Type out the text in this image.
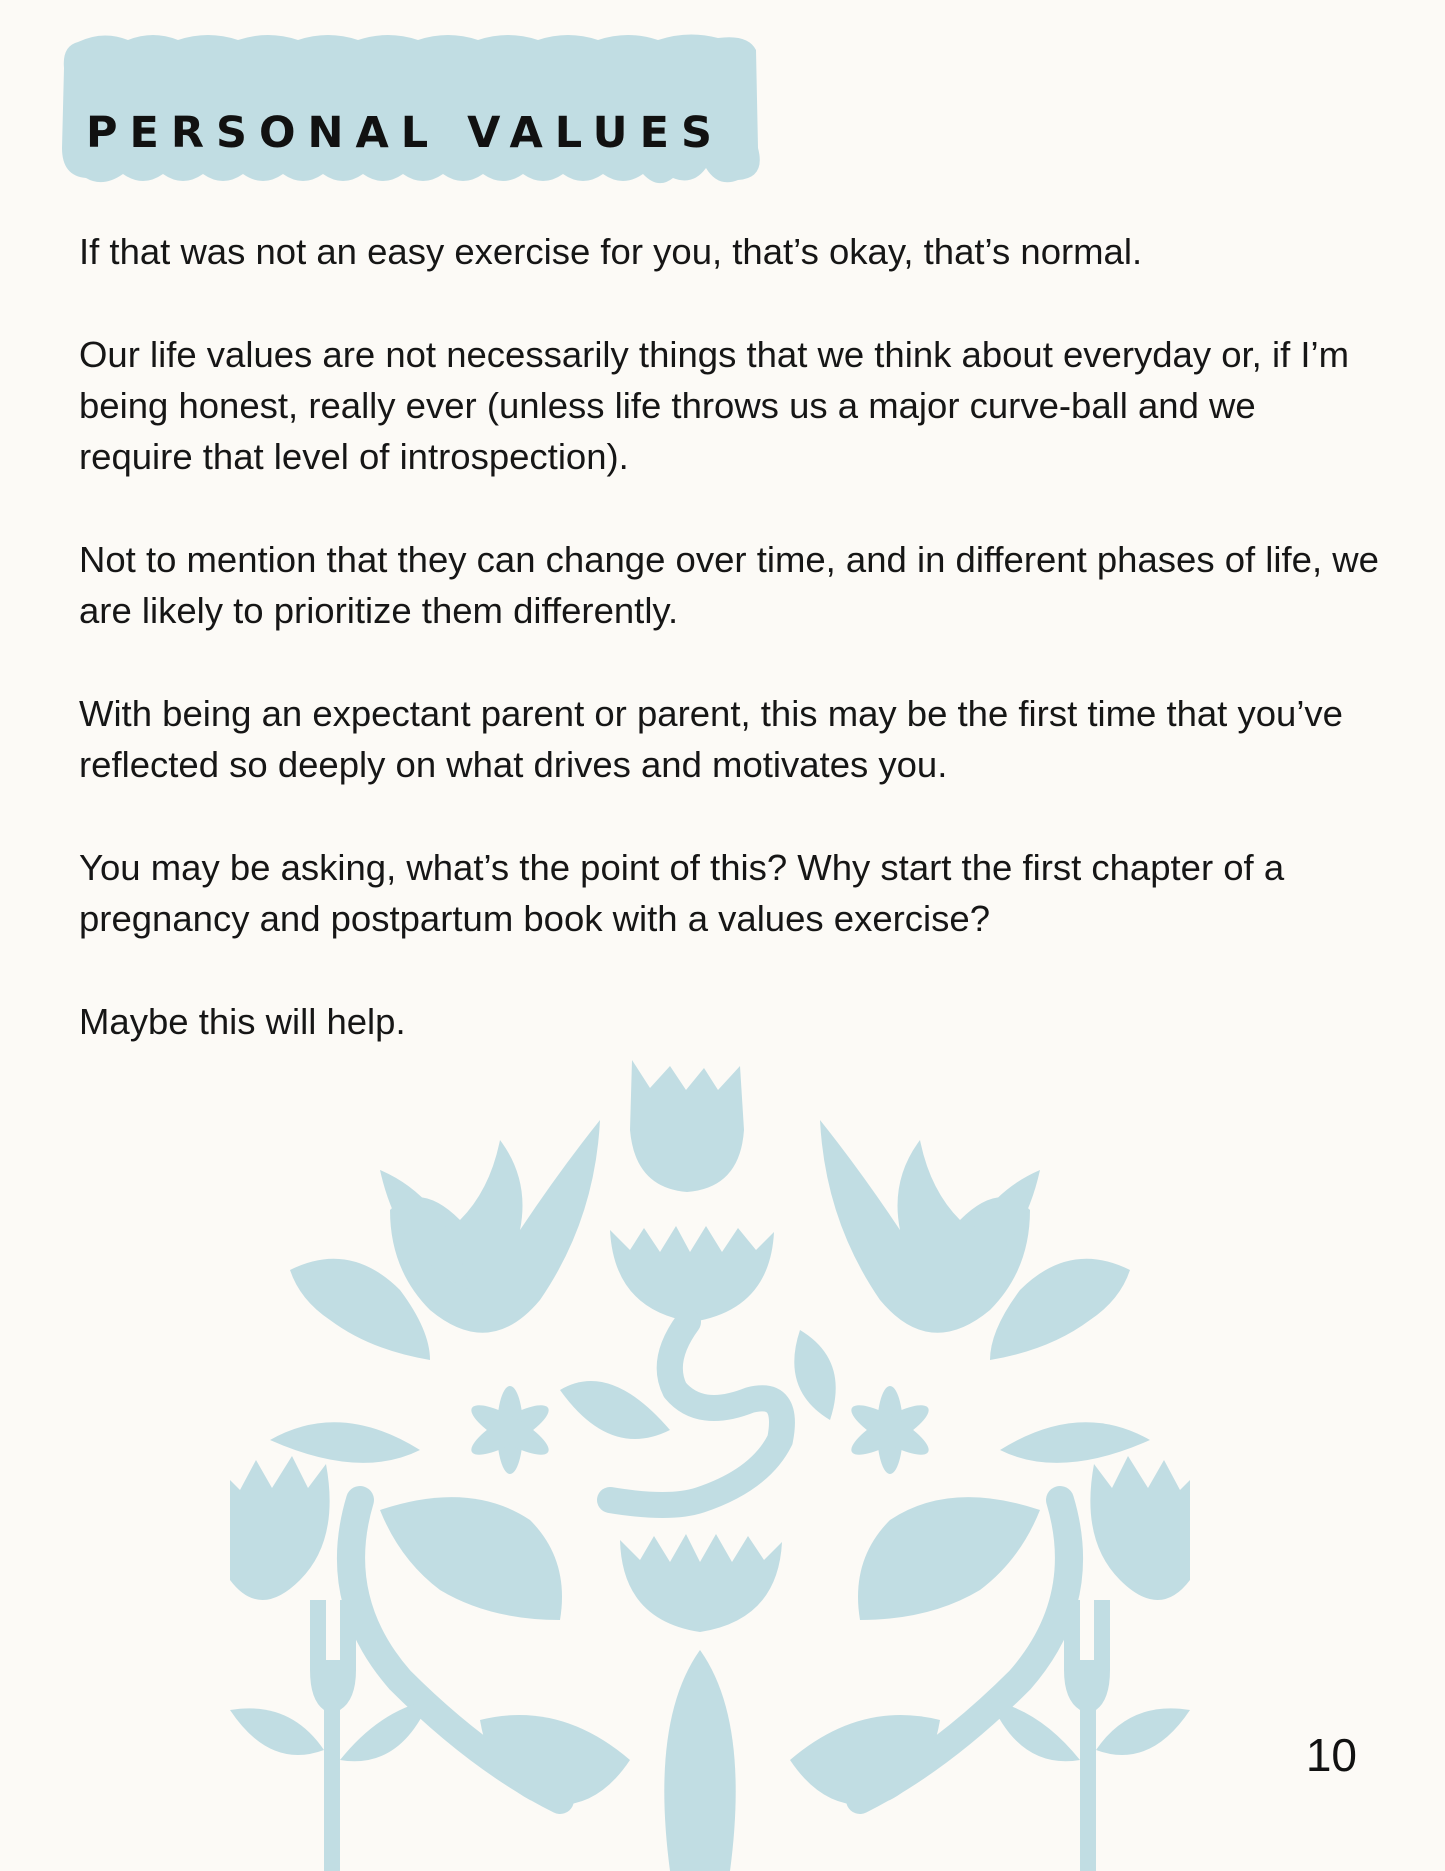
PERSONAL VALUES

If that was not an easy exercise for you, that’s okay, that’s normal.

Our life values are not necessarily things that we think about everyday or, if I’m being honest, really ever (unless life throws us a major curve-ball and we require that level of introspection).

Not to mention that they can change over time, and in different phases of life, we are likely to prioritize them differently.

With being an expectant parent or parent, this may be the first time that you’ve reflected so deeply on what drives and motivates you.

You may be asking, what’s the point of this? Why start the first chapter of a pregnancy and postpartum book with a values exercise?

Maybe this will help.

10
